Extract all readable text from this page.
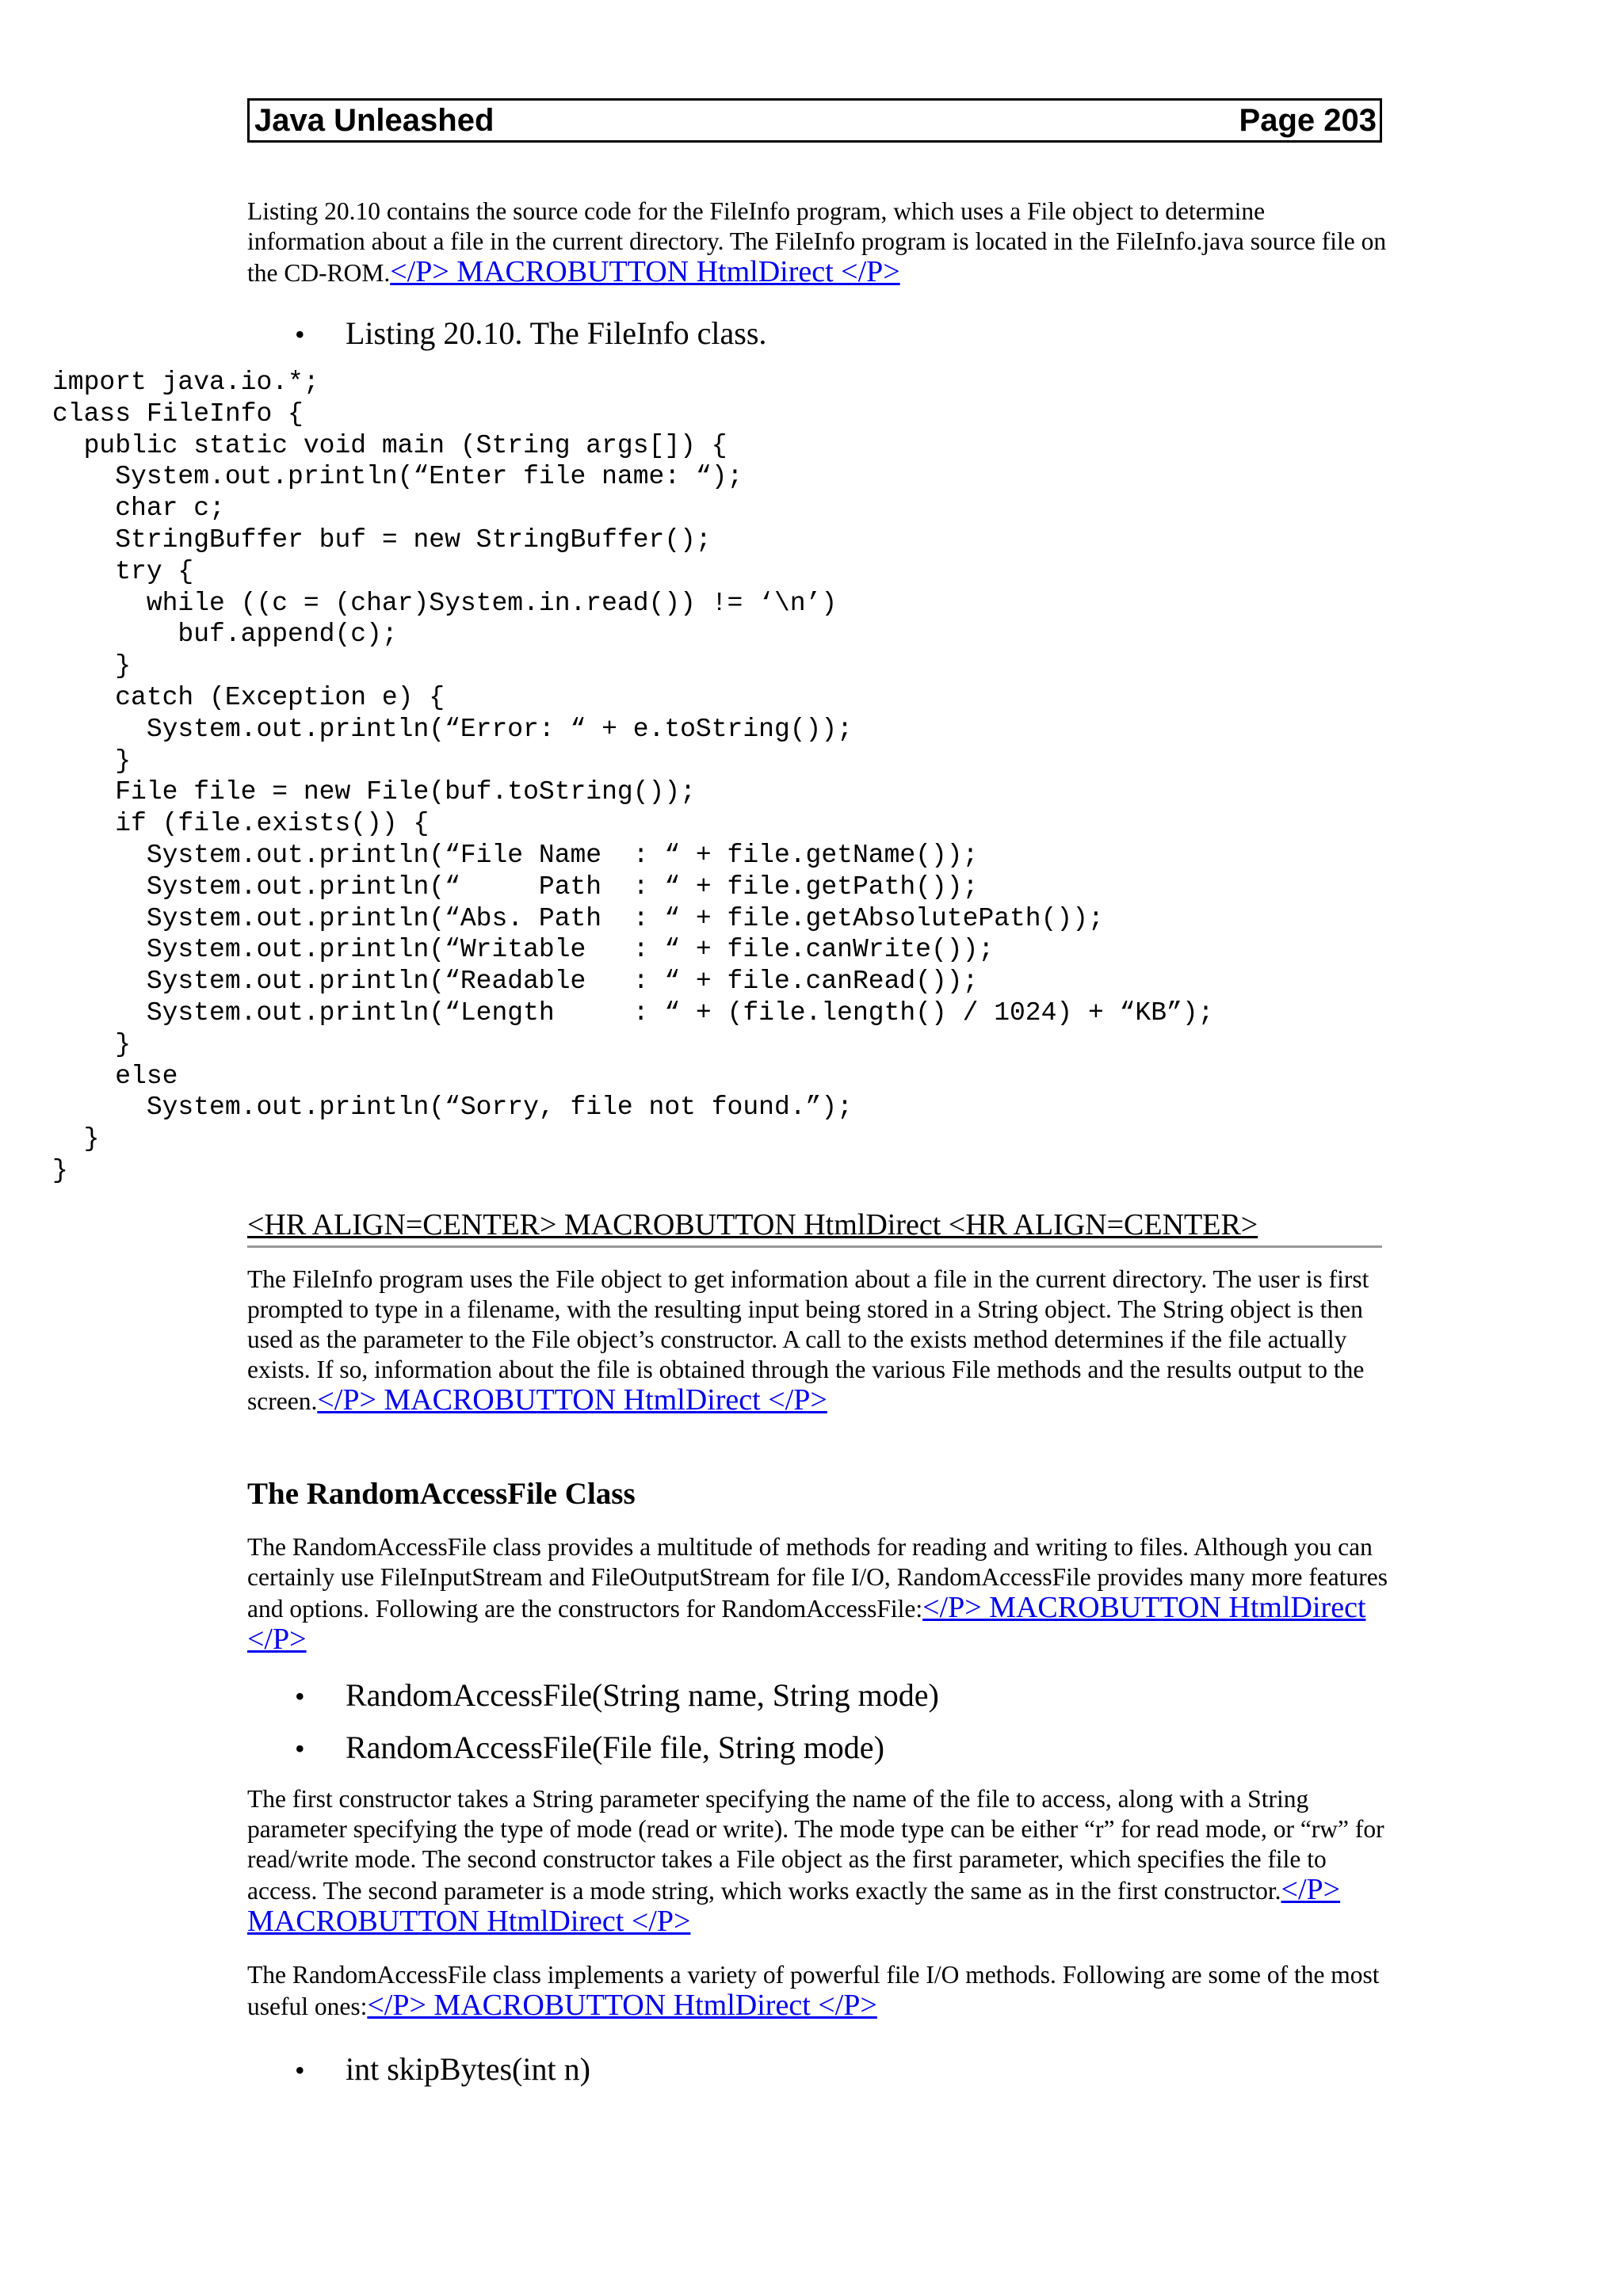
Java Unleashed	Page 203

Listing 20.10 contains the source code for the FileInfo program, which uses a File object to determine information about a file in the current directory. The FileInfo program is located in the FileInfo.java source file on the CD-ROM.</P> MACROBUTTON HtmlDirect </P>

•	Listing 20.10. The FileInfo class.
import java.io.*;
class FileInfo {
public static void main (String args[]) {
System.out.println(“Enter file name: “);
char c;
StringBuffer buf = new StringBuffer();
try {
while ((c = (char)System.in.read()) != ‘\n’)
buf.append(c);
}
catch (Exception e) {
System.out.println(“Error: “ + e.toString());
}
File file = new File(buf.toString());
if (file.exists()) {
System.out.println(“File Name  : “ + file.getName());
System.out.println(“     Path  : “ + file.getPath());
System.out.println(“Abs. Path  : “ + file.getAbsolutePath());
System.out.println(“Writable   : “ + file.canWrite());
System.out.println(“Readable   : “ + file.canRead());
System.out.println(“Length     : “ + (file.length() / 1024) + “KB”);
}
else
System.out.println(“Sorry, file not found.”);
}
}
<HR ALIGN=CENTER> MACROBUTTON HtmlDirect <HR ALIGN=CENTER>

The FileInfo program uses the File object to get information about a file in the current directory. The user is first prompted to type in a filename, with the resulting input being stored in a String object. The String object is then used as the parameter to the File object’s constructor. A call to the exists method determines if the file actually exists. If so, information about the file is obtained through the various File methods and the results output to the screen.</P> MACROBUTTON HtmlDirect </P>

The RandomAccessFile Class

The RandomAccessFile class provides a multitude of methods for reading and writing to files. Although you can certainly use FileInputStream and FileOutputStream for file I/O, RandomAccessFile provides many more features and options. Following are the constructors for RandomAccessFile:</P> MACROBUTTON HtmlDirect </P>

•	RandomAccessFile(String name, String mode)
•	RandomAccessFile(File file, String mode)

The first constructor takes a String parameter specifying the name of the file to access, along with a String parameter specifying the type of mode (read or write). The mode type can be either “r” for read mode, or “rw” for read/write mode. The second constructor takes a File object as the first parameter, which specifies the file to access. The second parameter is a mode string, which works exactly the same as in the first constructor.</P> MACROBUTTON HtmlDirect </P>

The RandomAccessFile class implements a variety of powerful file I/O methods. Following are some of the most useful ones:</P> MACROBUTTON HtmlDirect </P>

•	int skipBytes(int n)
